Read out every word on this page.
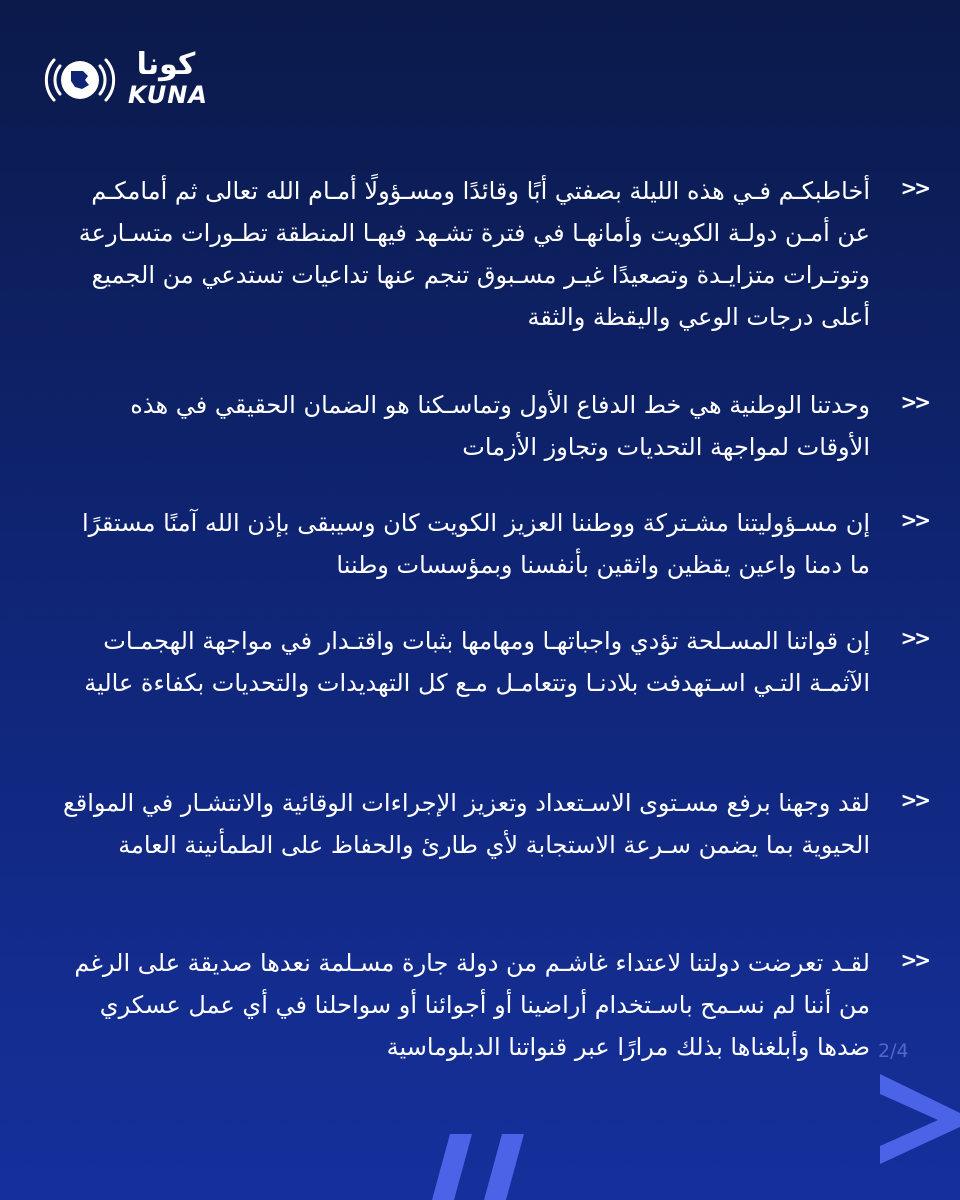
كونا
KUNA
>>

أخاطبكـم فـي هذه الليلة بصفتي أبًا وقائدًا ومسـؤولًا أمـام الله تعالى ثم أمامكـم عن أمـن دولـة الكويت وأمانهـا في فترة تشـهد فيهـا المنطقة تطـورات متسـارعة وتوتـرات متزايـدة وتصعيدًا غيـر مسـبوق تنجم عنها تداعيات تستدعي من الجميع أعلى درجات الوعي واليقظة والثقة

>>

وحدتنا الوطنية هي خط الدفاع الأول وتماسـكنا هو الضمان الحقيقي في هذه الأوقات لمواجهة التحديات وتجاوز الأزمات

>>

إن مسـؤوليتنا مشـتركة ووطننا العزيز الكويت كان وسيبقى بإذن الله آمنًا مستقرًا ما دمنا واعين يقظين واثقين بأنفسنا وبمؤسسات وطننا

>>

إن قواتنا المسـلحة تؤدي واجباتهـا ومهامها بثبات واقتـدار في مواجهة الهجمـات الآثمـة التـي اسـتهدفت بلادنـا وتتعامـل مـع كل التهديدات والتحديات بكفاءة عالية

>>

لقد وجهنا برفع مسـتوى الاسـتعداد وتعزيز الإجراءات الوقائية والانتشـار في المواقع الحيوية بما يضمن سـرعة الاستجابة لأي طارئ والحفاظ على الطمأنينة العامة

>>

لقـد تعرضت دولتنا لاعتداء غاشـم من دولة جارة مسـلمة نعدها صديقة على الرغم من أننا لم نسـمح باسـتخدام أراضينا أو أجوائنا أو سواحلنا في أي عمل عسكري ضدها وأبلغناها بذلك مرارًا عبر قنواتنا الدبلوماسية 2/4
